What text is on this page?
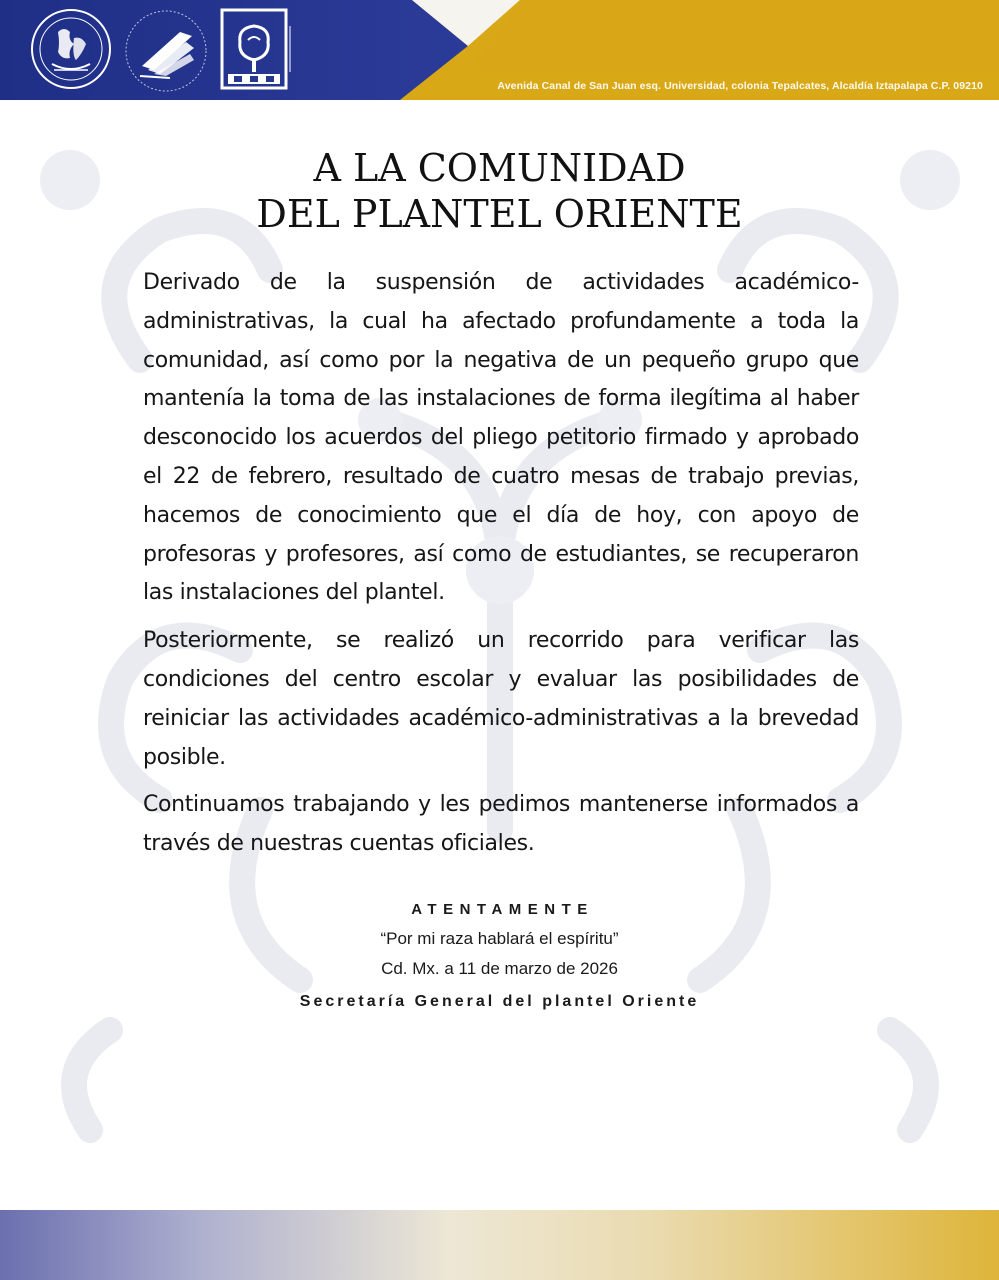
Avenida Canal de San Juan esq. Universidad, colonia Tepalcates, Alcaldía Iztapalapa C.P. 09210
A LA COMUNIDAD
DEL PLANTEL ORIENTE

Derivado de la suspensión de actividades académico-administrativas, la cual ha afectado profundamente a toda la comunidad, así como por la negativa de un pequeño grupo que mantenía la toma de las instalaciones de forma ilegítima al haber desconocido los acuerdos del pliego petitorio firmado y aprobado el 22 de febrero, resultado de cuatro mesas de trabajo previas, hacemos de conocimiento que el día de hoy, con apoyo de profesoras y profesores, así como de estudiantes, se recuperaron las instalaciones del plantel.

Posteriormente, se realizó un recorrido para verificar las condiciones del centro escolar y evaluar las posibilidades de reiniciar las actividades académico-administrativas a la brevedad posible.

Continuamos trabajando y les pedimos mantenerse informados a través de nuestras cuentas oficiales.

ATENTAMENTE
“Por mi raza hablará el espíritu”
Cd. Mx. a 11 de marzo de 2026
Secretaría General del plantel Oriente
